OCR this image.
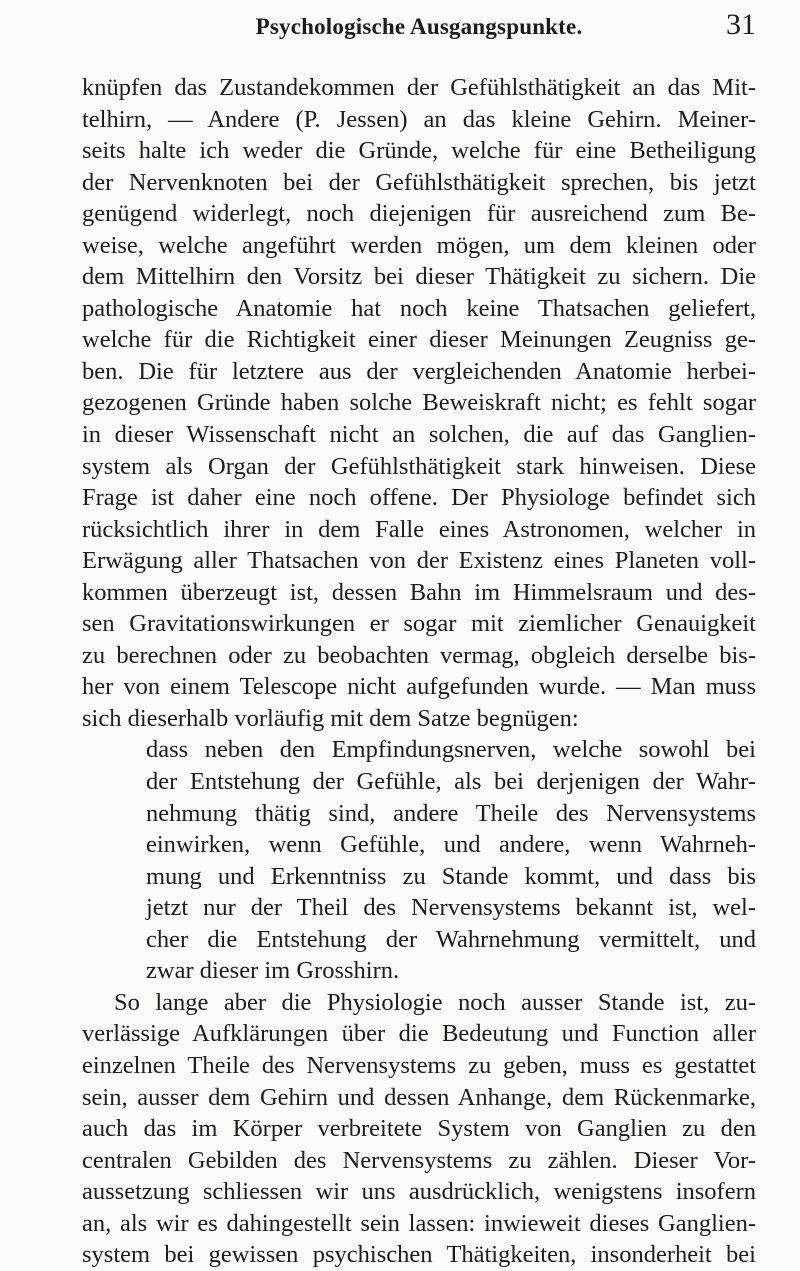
Psychologische Ausgangspunkte.	31
knüpfen das Zustandekommen der Gefühlsthätigkeit an das Mit-
telhirn, — Andere (P. Jessen) an das kleine Gehirn. Meiner-
seits halte ich weder die Gründe, welche für eine Betheiligung
der Nervenknoten bei der Gefühlsthätigkeit sprechen, bis jetzt
genügend widerlegt, noch diejenigen für ausreichend zum Be-
weise, welche angeführt werden mögen, um dem kleinen oder
dem Mittelhirn den Vorsitz bei dieser Thätigkeit zu sichern. Die
pathologische Anatomie hat noch keine Thatsachen geliefert,
welche für die Richtigkeit einer dieser Meinungen Zeugniss ge-
ben. Die für letztere aus der vergleichenden Anatomie herbei-
gezogenen Gründe haben solche Beweiskraft nicht; es fehlt sogar
in dieser Wissenschaft nicht an solchen, die auf das Ganglien-
system als Organ der Gefühlsthätigkeit stark hinweisen. Diese
Frage ist daher eine noch offene. Der Physiologe befindet sich
rücksichtlich ihrer in dem Falle eines Astronomen, welcher in
Erwägung aller Thatsachen von der Existenz eines Planeten voll-
kommen überzeugt ist, dessen Bahn im Himmelsraum und des-
sen Gravitationswirkungen er sogar mit ziemlicher Genauigkeit
zu berechnen oder zu beobachten vermag, obgleich derselbe bis-
her von einem Telescope nicht aufgefunden wurde. — Man muss
sich dieserhalb vorläufig mit dem Satze begnügen:
dass neben den Empfindungsnerven, welche sowohl bei
der Entstehung der Gefühle, als bei derjenigen der Wahr-
nehmung thätig sind, andere Theile des Nervensystems
einwirken, wenn Gefühle, und andere, wenn Wahrneh-
mung und Erkenntniss zu Stande kommt, und dass bis
jetzt nur der Theil des Nervensystems bekannt ist, wel-
cher die Entstehung der Wahrnehmung vermittelt, und
zwar dieser im Grosshirn.
So lange aber die Physiologie noch ausser Stande ist, zu-
verlässige Aufklärungen über die Bedeutung und Function aller
einzelnen Theile des Nervensystems zu geben, muss es gestattet
sein, ausser dem Gehirn und dessen Anhange, dem Rückenmarke,
auch das im Körper verbreitete System von Ganglien zu den
centralen Gebilden des Nervensystems zu zählen. Dieser Vor-
aussetzung schliessen wir uns ausdrücklich, wenigstens insofern
an, als wir es dahingestellt sein lassen: inwieweit dieses Ganglien-
system bei gewissen psychischen Thätigkeiten, insonderheit bei
